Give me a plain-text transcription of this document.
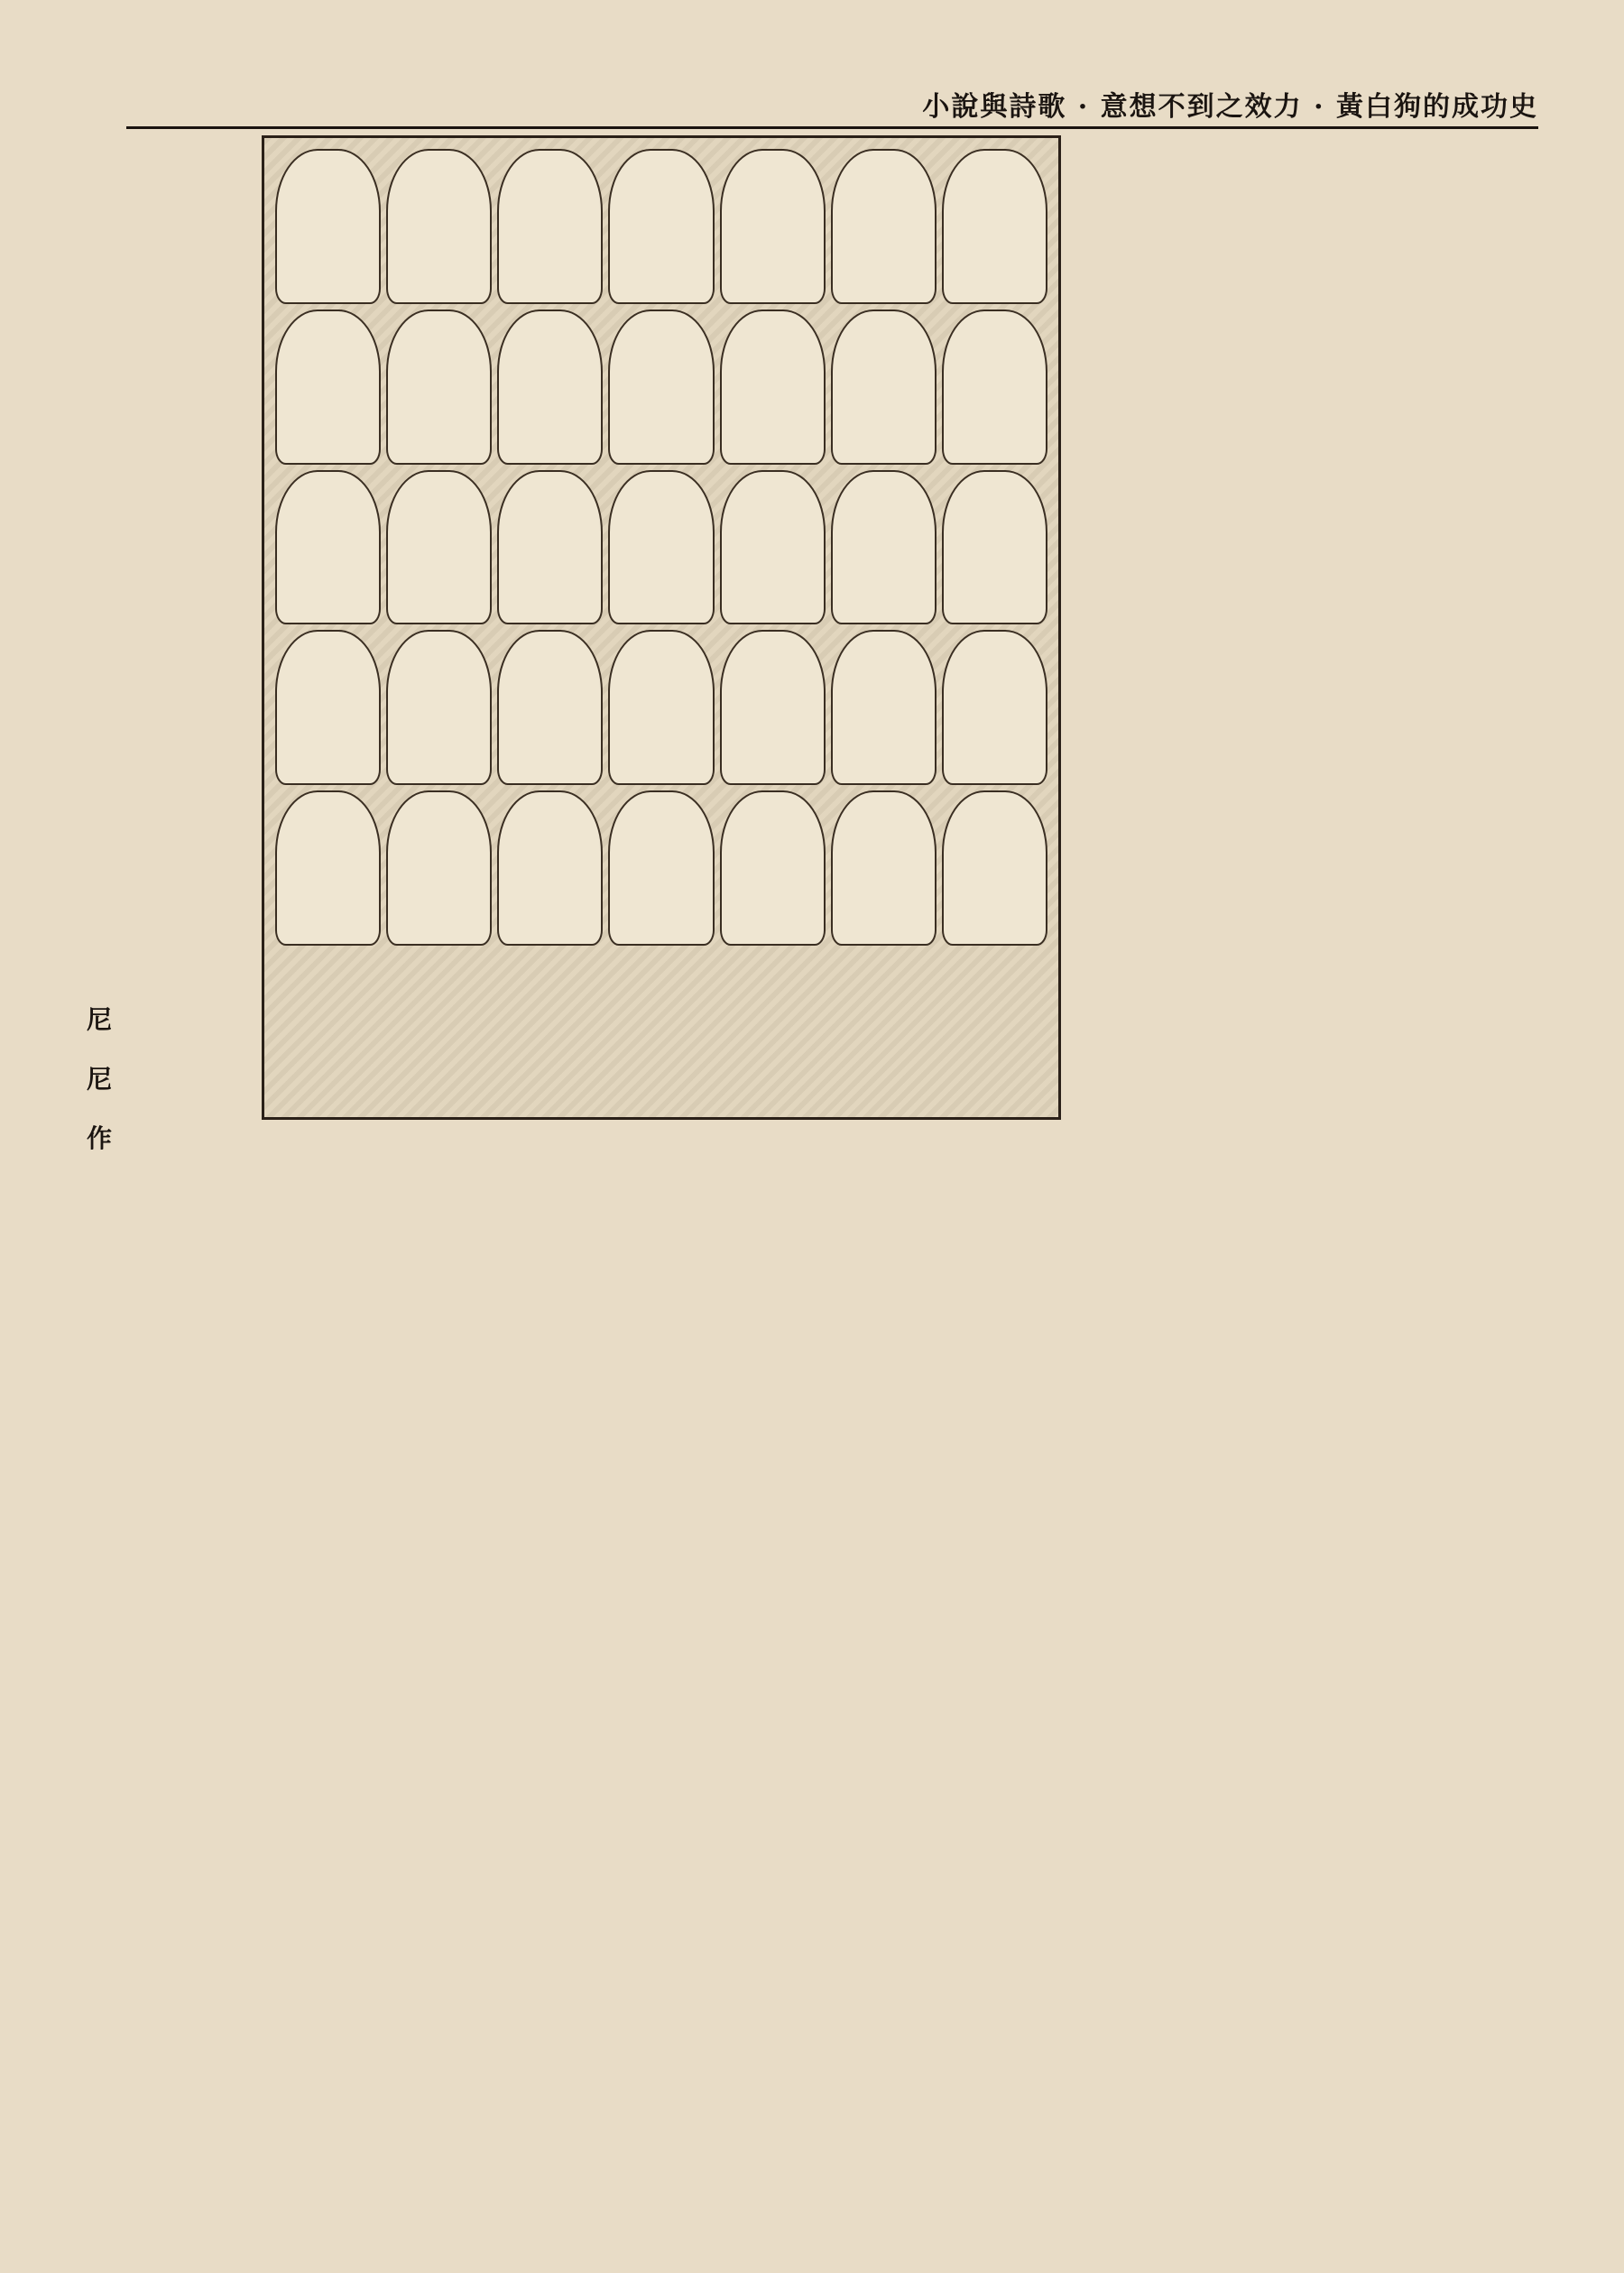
小說與詩歌 · 意想不到之效力 · 黃白狗的成功史
尼 尼 作
